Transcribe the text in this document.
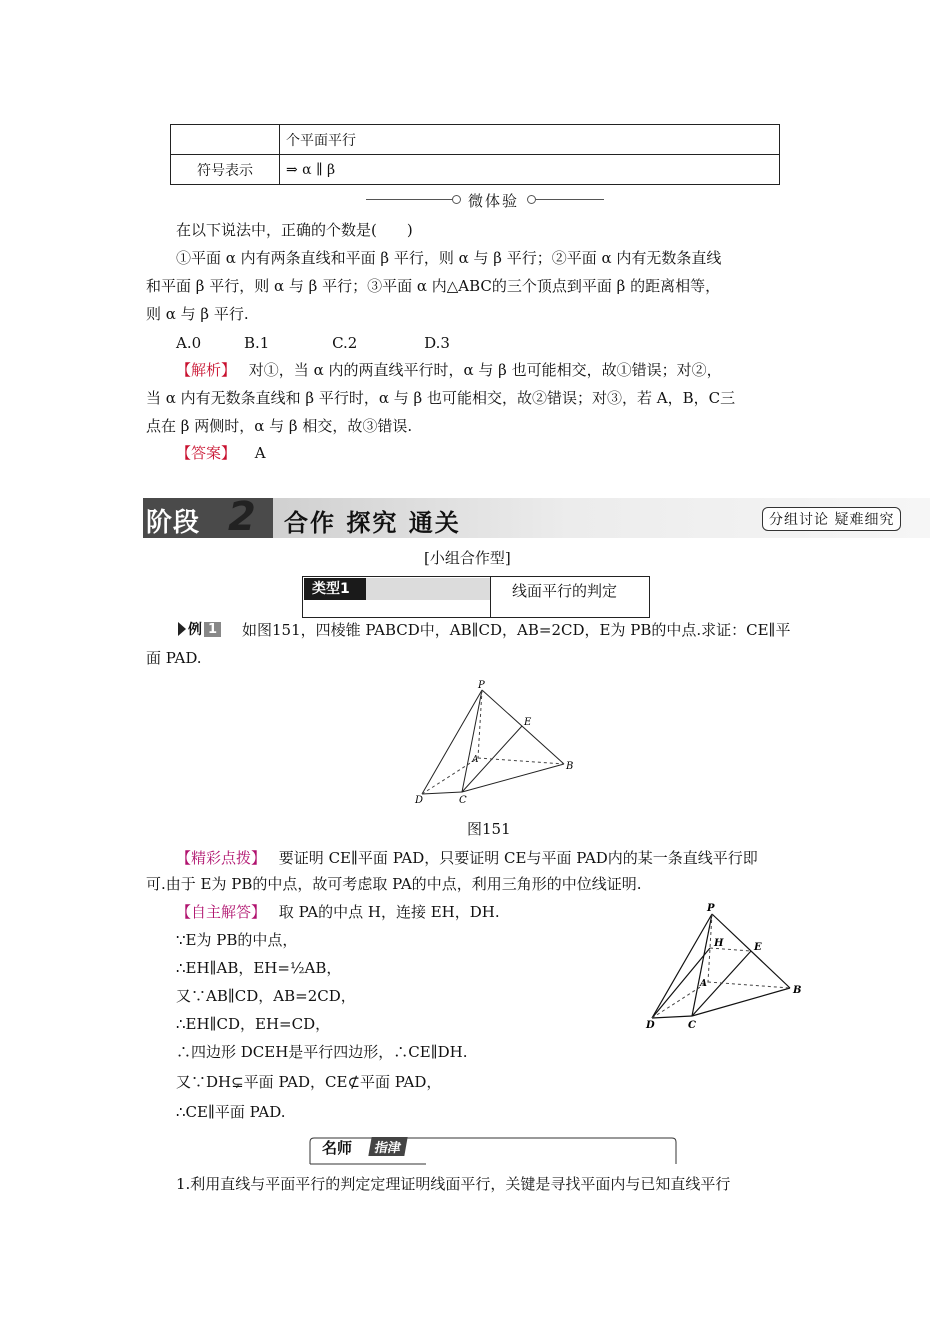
	个平面平行
符号表示	⇒ α ∥ β
微体验
在以下说法中，正确的个数是(　　)
①平面 α 内有两条直线和平面 β 平行，则 α 与 β 平行；②平面 α 内有无数条直线
和平面 β 平行，则 α 与 β 平行；③平面 α 内△ABC的三个顶点到平面 β 的距离相等，
则 α 与 β 平行.
A.0	B.1	C.2	D.3
【解析】 对①，当 α 内的两直线平行时，α 与 β 也可能相交，故①错误；对②，
当 α 内有无数条直线和 β 平行时，α 与 β 也可能相交，故②错误；对③，若 A，B，C三
点在 β 两侧时，α 与 β 相交，故③错误.
【答案】 A
阶段 2 合作 探究 通关	分组讨论 疑难细究
[小组合作型]
类型1	线面平行的判定
例 1 如图151，四棱锥 PABCD中，AB∥CD，AB=2CD，E为 PB的中点.求证：CE∥平
面 PAD.
P
E
A
B
D	C
图151
【精彩点拨】 要证明 CE∥平面 PAD，只要证明 CE与平面 PAD内的某一条直线平行即
可.由于 E为 PB的中点，故可考虑取 PA的中点，利用三角形的中位线证明.
【自主解答】 取 PA的中点 H，连接 EH，DH.
∵E为 PB的中点，
∴EH∥AB，EH=½AB，
又∵AB∥CD，AB=2CD，
∴EH∥CD，EH=CD，
∴四边形 DCEH是平行四边形，∴CE∥DH.
又∵DH⊊平面 PAD，CE⊄平面 PAD，
∴CE∥平面 PAD.
P
H	E
A
B
D	C
名师	指津
1.利用直线与平面平行的判定定理证明线面平行，关键是寻找平面内与已知直线平行
